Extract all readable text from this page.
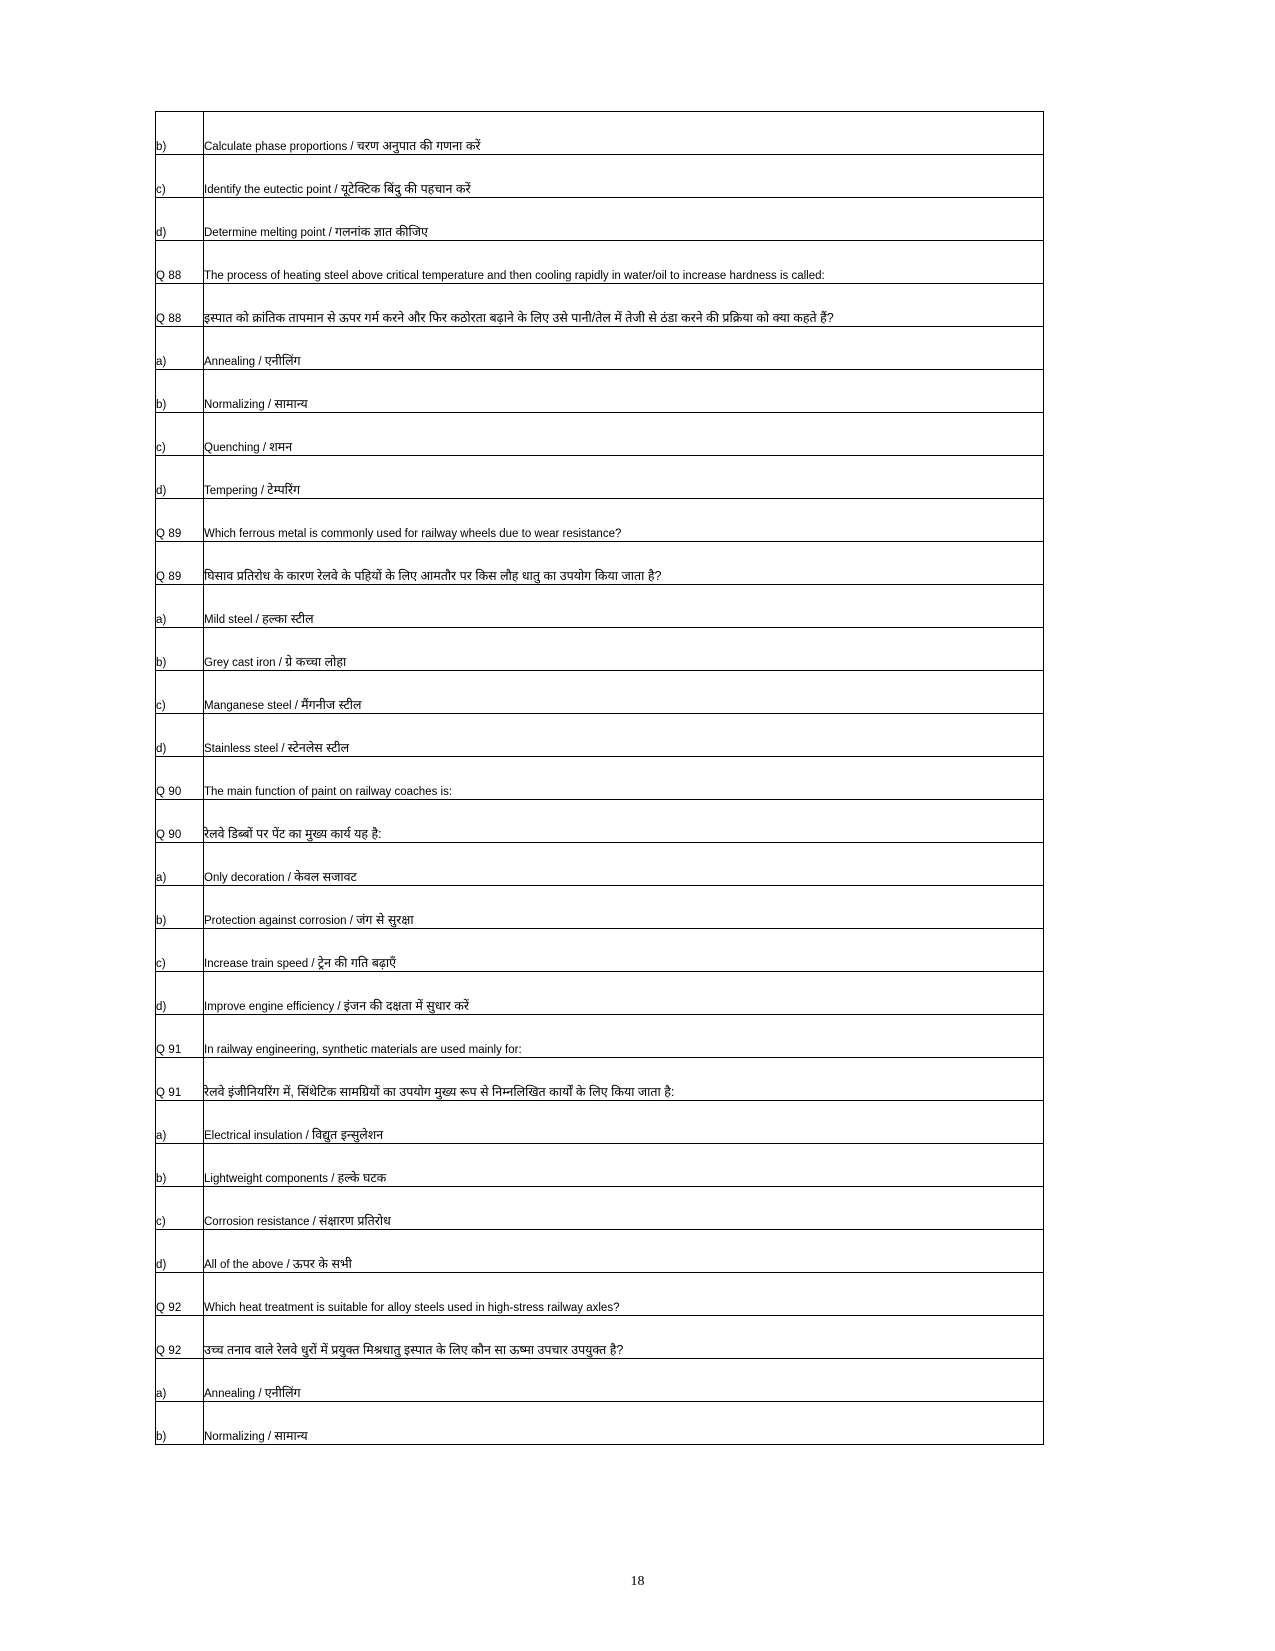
b)	Calculate phase proportions / चरण अनुपात की गणना करें
c)	Identify the eutectic point / यूटेक्टिक बिंदु की पहचान करें
d)	Determine melting point / गलनांक ज्ञात कीजिए
Q 88	The process of heating steel above critical temperature and then cooling rapidly in water/oil to increase hardness is called:
Q 88	इस्पात को क्रांतिक तापमान से ऊपर गर्म करने और फिर कठोरता बढ़ाने के लिए उसे पानी/तेल में तेजी से ठंडा करने की प्रक्रिया को क्या कहते हैं?
a)	Annealing / एनीलिंग
b)	Normalizing / सामान्य
c)	Quenching / शमन
d)	Tempering / टेम्परिंग
Q 89	Which ferrous metal is commonly used for railway wheels due to wear resistance?
Q 89	घिसाव प्रतिरोध के कारण रेलवे के पहियों के लिए आमतौर पर किस लौह धातु का उपयोग किया जाता है?
a)	Mild steel / हल्का स्टील
b)	Grey cast iron / ग्रे कच्चा लोहा
c)	Manganese steel / मैंगनीज स्टील
d)	Stainless steel / स्टेनलेस स्टील
Q 90	The main function of paint on railway coaches is:
Q 90	रेलवे डिब्बों पर पेंट का मुख्य कार्य यह है:
a)	Only decoration / केवल सजावट
b)	Protection against corrosion / जंग से सुरक्षा
c)	Increase train speed / ट्रेन की गति बढ़ाएँ
d)	Improve engine efficiency / इंजन की दक्षता में सुधार करें
Q 91	In railway engineering, synthetic materials are used mainly for:
Q 91	रेलवे इंजीनियरिंग में, सिंथेटिक सामग्रियों का उपयोग मुख्य रूप से निम्नलिखित कार्यों के लिए किया जाता है:
a)	Electrical insulation / विद्युत इन्सुलेशन
b)	Lightweight components / हल्के घटक
c)	Corrosion resistance / संक्षारण प्रतिरोध
d)	All of the above / ऊपर के सभी
Q 92	Which heat treatment is suitable for alloy steels used in high-stress railway axles?
Q 92	उच्च तनाव वाले रेलवे धुरों में प्रयुक्त मिश्रधातु इस्पात के लिए कौन सा ऊष्मा उपचार उपयुक्त है?
a)	Annealing / एनीलिंग
b)	Normalizing / सामान्य
18
